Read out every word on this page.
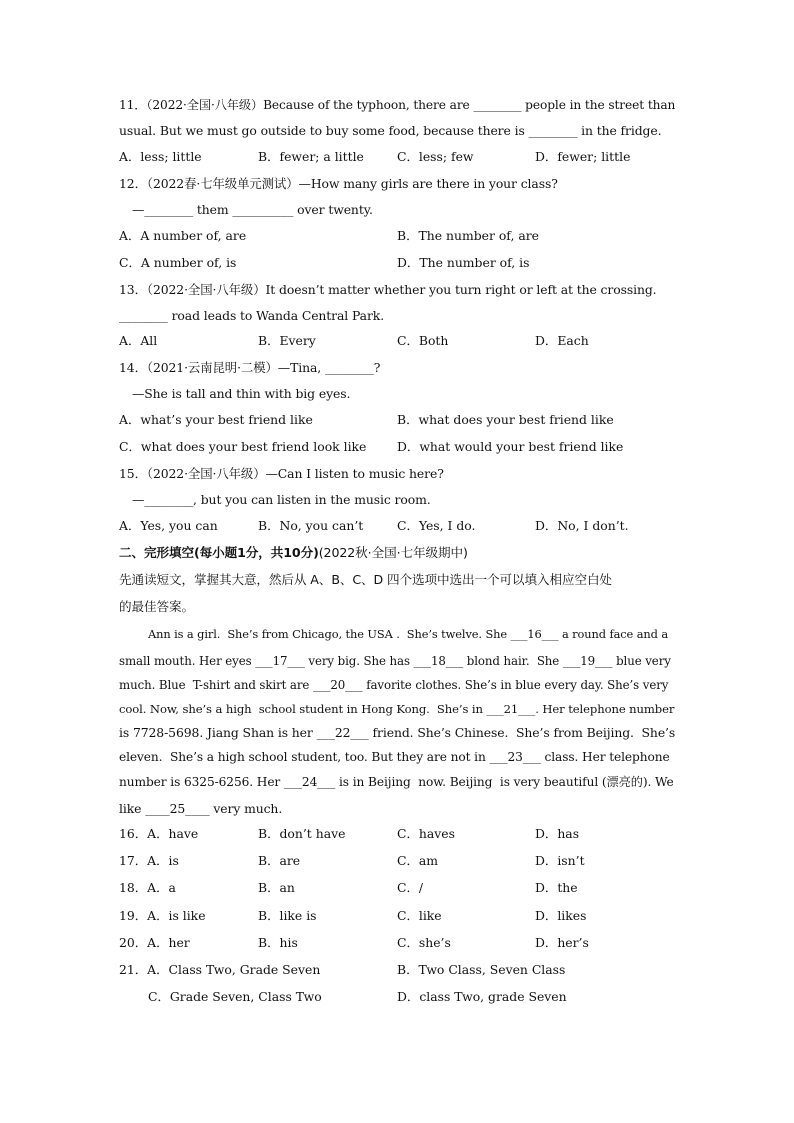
11．（2022·全国·八年级）Because of the typhoon, there are ________ people in the street than
usual. But we must go outside to buy some food, because there is ________ in the fridge.
A．less; little	B．fewer; a little	C．less; few	D．fewer; little
12．（2022春·七年级单元测试）—How many girls are there in your class?
—________ them __________ over twenty.
A．A number of, are	B．The number of, are
C．A number of, is	D．The number of, is
13．（2022·全国·八年级）It doesn’t matter whether you turn right or left at the crossing.
________ road leads to Wanda Central Park.
A．All	B．Every	C．Both	D．Each
14．（2021·云南昆明·二模）—Tina, ________?
—She is tall and thin with big eyes.
A．what’s your best friend like	B．what does your best friend like
C．what does your best friend look like D．what would your best friend like
15．（2022·全国·八年级）—Can I listen to music here?
—________, but you can listen in the music room.
A．Yes, you can	B．No, you can’t	C．Yes, I do.	D．No, I don’t.
二、完形填空(每小题1分，共10分)(2022秋·全国·七年级期中)
先通读短文，掌握其大意，然后从 A、B、C、D 四个选项中选出一个可以填入相应空白处
的最佳答案。
Ann is a girl.  She’s from Chicago, the USA .  She’s twelve. She ___16___ a round face and a
small mouth. Her eyes ___17___ very big. She has ___18___ blond hair.  She ___19___ blue very
much. Blue  T-shirt and skirt are ___20___ favorite clothes. She’s in blue every day. She’s very
cool. Now, she’s a high  school student in Hong Kong.  She’s in ___21___. Her telephone number
is 7728-5698. Jiang Shan is her ___22___ friend. She’s Chinese.  She’s from Beijing.  She’s
eleven.  She’s a high school student, too. But they are not in ___23___ class. Her telephone
number is 6325-6256. Her ___24___ is in Beijing  now. Beijing  is very beautiful (漂亮的). We
like ____25____ very much.
16．A．have	B．don’t have	C．haves	D．has
17．A．is	B．are	C．am	D．isn’t
18．A．a	B．an	C．/	D．the
19．A．is like	B．like is	C．like	D．likes
20．A．her	B．his	C．she’s	D．her’s
21．A．Class Two, Grade Seven	B．Two Class, Seven Class
C．Grade Seven, Class Two	D．class Two, grade Seven
